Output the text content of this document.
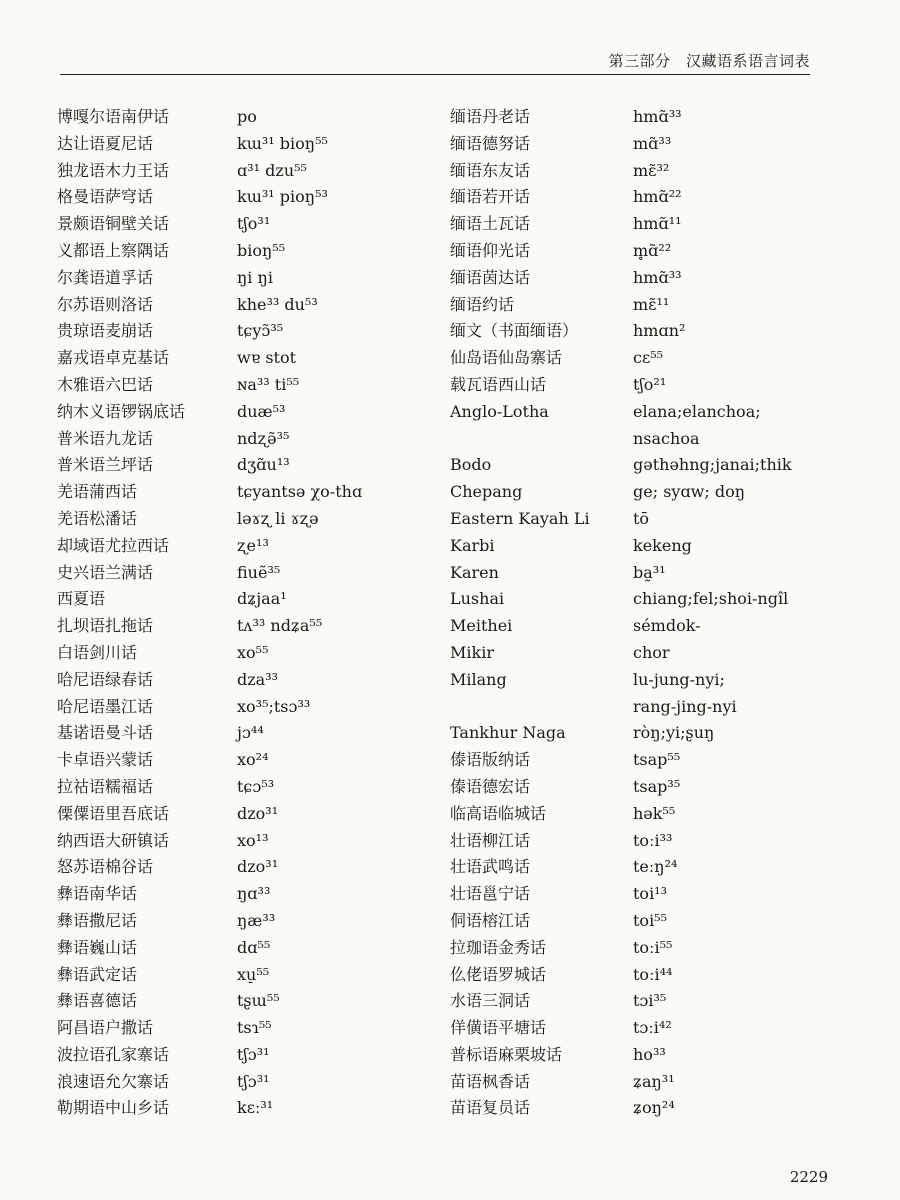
第三部分　汉藏语系语言词表
博嘎尔语南伊话	po
达让语夏尼话	kɯ³¹ bioŋ⁵⁵
独龙语木力王话	ɑ³¹ dzu⁵⁵
格曼语萨穹话	kɯ³¹ pioŋ⁵³
景颇语铜壁关话	tʃo³¹
义都语上察隅话	bioŋ⁵⁵
尔龚语道孚话	ŋi ŋi
尔苏语则洛话	khe³³ du⁵³
贵琼语麦崩话	tɕyɔ̃³⁵
嘉戎语卓克基话	wɐ stot
木雅语六巴话	ɴa³³ ti⁵⁵
纳木义语锣锅底话	duæ⁵³
普米语九龙话	ndʐə̃³⁵
普米语兰坪话	dʒɑ̃u¹³
羌语蒲西话	tɕyantsə χo-thɑ
羌语松潘话	ləɤʐ li ɤʐə
却域语尤拉西话	ʐe¹³
史兴语兰满话	fiuẽ³⁵
西夏语	dʑjaa¹
扎坝语扎拖话	tʌ³³ ndʑa⁵⁵
白语剑川话	xo⁵⁵
哈尼语绿春话	dza³³
哈尼语墨江话	xo³⁵;tsɔ³³
基诺语曼斗话	jɔ⁴⁴
卡卓语兴蒙话	xo²⁴
拉祜语糯福话	tɕɔ⁵³
傈僳语里吾底话	dzo³¹
纳西语大研镇话	xo¹³
怒苏语棉谷话	dzo³¹
彝语南华话	ŋɑ³³
彝语撒尼话	ŋæ³³
彝语巍山话	dɑ⁵⁵
彝语武定话	xu̠⁵⁵
彝语喜德话	tʂɯ⁵⁵
阿昌语户撒话	tsɿ⁵⁵
波拉语孔家寨话	tʃɔ³¹
浪速语允欠寨话	tʃɔ³¹
勒期语中山乡话	kɛː³¹
缅语丹老话	hmɑ̃³³
缅语德努话	mɑ̃³³
缅语东友话	mɛ̃³²
缅语若开话	hmɑ̃²²
缅语土瓦话	hmɑ̃¹¹
缅语仰光话	m̥ɑ̃²²
缅语茵达话	hmɑ̃³³
缅语约话	mɛ̃¹¹
缅文（书面缅语）	hmɑn²
仙岛语仙岛寨话	cɛ⁵⁵
载瓦语西山话	tʃo²¹
Anglo-Lotha	elana;elanchoa;
nsachoa
Bodo	gəthəhng;janai;thik
Chepang	ge; syɑw; doŋ
Eastern Kayah Li	tō
Karbi	kekeng
Karen	ba̰³¹
Lushai	chiang;fel;shoi-ngîl
Meithei	sémdok-
Mikir	chor
Milang	lu-jung-nyi;
rang-jing-nyi
Tankhur Naga	ròŋ;yi;ʂuŋ
傣语版纳话	tsap⁵⁵
傣语德宏话	tsap³⁵
临高语临城话	hək⁵⁵
壮语柳江话	toːi³³
壮语武鸣话	teːŋ²⁴
壮语邕宁话	toi¹³
侗语榕江话	toi⁵⁵
拉珈语金秀话	toːi⁵⁵
仫佬语罗城话	toːi⁴⁴
水语三洞话	tɔi³⁵
佯僙语平塘话	tɔːi⁴²
普标语麻栗坡话	ho³³
苗语枫香话	ʑaŋ³¹
苗语复员话	ʑoŋ²⁴
2229
